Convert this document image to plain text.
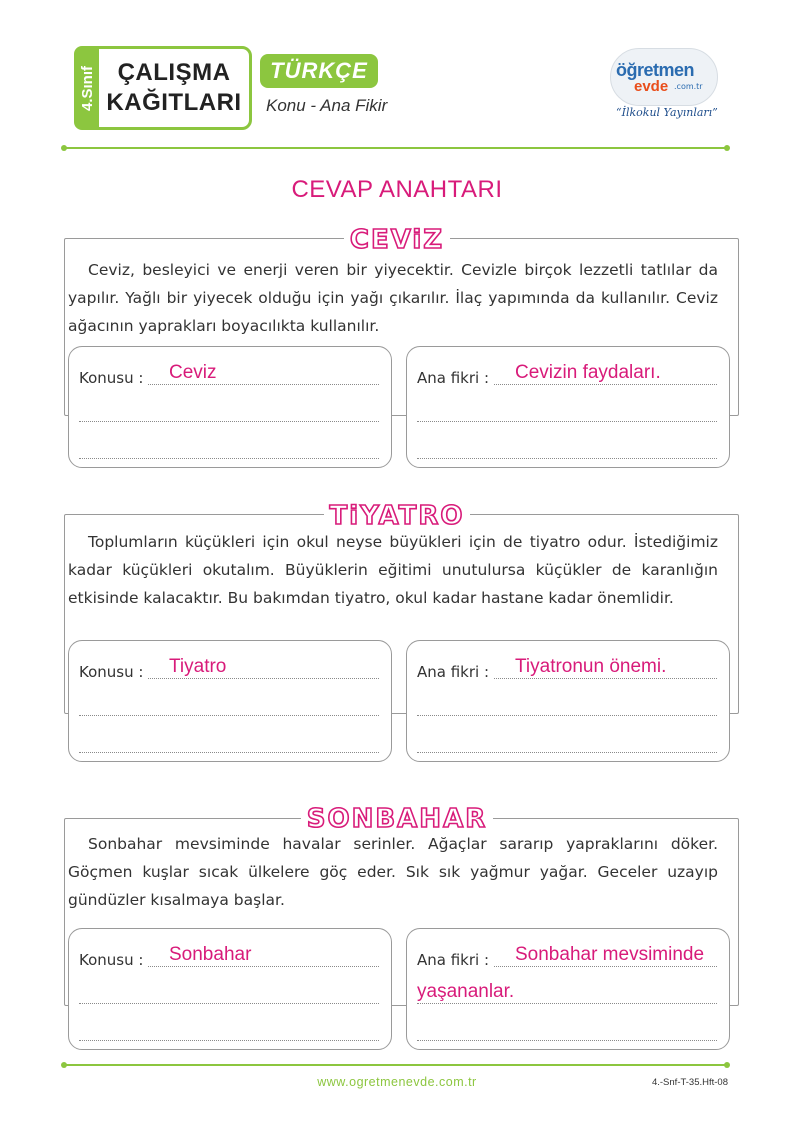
4.Sınıf ÇALIŞMA
KAĞITLARI
TÜRKÇE
Konu - Ana Fikir
öğretmen
evde .com.tr
“İlkokul Yayınları”
CEVAP ANAHTARI
CEViZ

Ceviz, besleyici ve enerji veren bir yiyecektir. Cevizle birçok lezzetli tatlılar da yapılır. Yağlı bir yiyecek olduğu için yağı çıkarılır. İlaç yapımında da kullanılır. Ceviz ağacının yaprakları boyacılıkta kullanılır.

Konusu : Ceviz	Ana fikri : Cevizin faydaları.
TiYATRO

Toplumların küçükleri için okul neyse büyükleri için de tiyatro odur. İstediğimiz kadar küçükleri okutalım. Büyüklerin eğitimi unutulursa küçükler de karanlığın etkisinde kalacaktır. Bu bakımdan tiyatro, okul kadar hastane kadar önemlidir.

Konusu : Tiyatro	Ana fikri : Tiyatronun önemi.
SONBAHAR

Sonbahar mevsiminde havalar serinler. Ağaçlar sararıp yapraklarını döker. Göçmen kuşlar sıcak ülkelere göç eder. Sık sık yağmur yağar. Geceler uzayıp gündüzler kısalmaya başlar.

Konusu : Sonbahar	Ana fikri : Sonbahar mevsiminde
yaşananlar.
www.ogretmenevde.com.tr	4.-Snf-T-35.Hft-08
